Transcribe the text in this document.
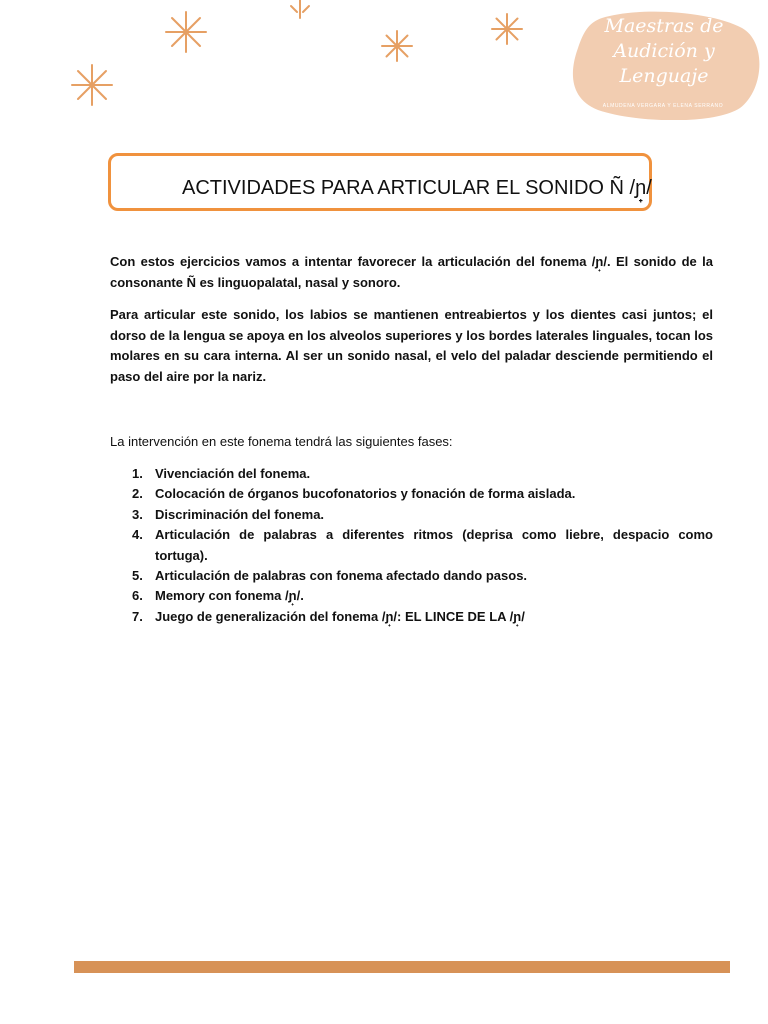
Maestras de
Audición y
Lenguaje
ALMUDENA VERGARA Y ELENA SERRANO
ACTIVIDADES PARA ARTICULAR EL SONIDO Ñ /ɲ̟/

Con estos ejercicios vamos a intentar favorecer la articulación del fonema /ɲ̟/. El sonido de la consonante Ñ es linguopalatal, nasal y sonoro.

Para articular este sonido, los labios se mantienen entreabiertos y los dientes casi juntos; el dorso de la lengua se apoya en los alveolos superiores y los bordes laterales linguales, tocan los molares en su cara interna. Al ser un sonido nasal, el velo del paladar desciende permitiendo el paso del aire por la nariz.

La intervención en este fonema tendrá las siguientes fases:

1. Vivenciación del fonema.
2. Colocación de órganos bucofonatorios y fonación de forma aislada.
3. Discriminación del fonema.
4. Articulación de palabras a diferentes ritmos (deprisa como liebre, despacio como tortuga).
5. Articulación de palabras con fonema afectado dando pasos.
6. Memory con fonema /ɲ̟/.
7. Juego de generalización del fonema /ɲ̟/: EL LINCE DE LA /ɲ̟/
